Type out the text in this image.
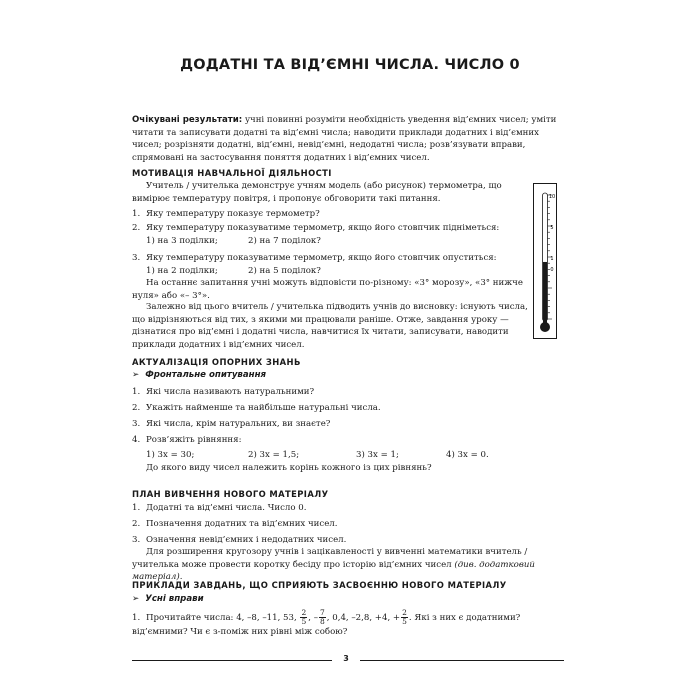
ДОДАТНІ ТА ВІД’ЄМНІ ЧИСЛА. ЧИСЛО 0
Очікувані результати: учні повинні розуміти необхідність уведення від’ємних чисел; уміти читати та записувати додатні та від’ємні числа; наводити приклади додатних і від’ємних чисел; розрізняти додатні, від’ємні, невід’ємні, недодатні числа; розв’язувати вправи, спрямовані на застосування поняття додатних і від’ємних чисел.
МОТИВАЦІЯ НАВЧАЛЬНОЇ ДІЯЛЬНОСТІ
Учитель / учителька демонструє учням модель (або рисунок) термометра, що вимірює температуру повітря, і пропонує обговорити такі питання.
1. Яку температуру показує термометр?
2. Яку температуру показуватиме термометр, якщо його стовпчик підніметься:
1) на 3 поділки;	2) на 7 поділок?
3. Яку температуру показуватиме термометр, якщо його стовпчик опуститься:
1) на 2 поділки;	2) на 5 поділок?
На останнє запитання учні можуть відповісти по-різному: «3° морозу», «3° нижче нуля» або «– 3°».
Залежно від цього вчитель / учителька підводить учнів до висновку: існують числа, що відрізняються від тих, з якими ми працювали раніше. Отже, завдання уроку — дізнатися про від’ємні і додатні числа, навчитися їх читати, записувати, наводити приклади додатних і від’ємних чисел.
10
5
1
0
АКТУАЛІЗАЦІЯ ОПОРНИХ ЗНАНЬ
➢ Фронтальне опитування
1. Які числа називають натуральними?
2. Укажіть найменше та найбільше натуральні числа.
3. Які числа, крім натуральних, ви знаєте?
4. Розв’яжіть рівняння:
1) 3x = 30;	2) 3x = 1,5;	3) 3x = 1;	4) 3x = 0.
До якого виду чисел належить корінь кожного із цих рівнянь?
ПЛАН ВИВЧЕННЯ НОВОГО МАТЕРІАЛУ
1. Додатні та від’ємні числа. Число 0.
2. Позначення додатних та від’ємних чисел.
3. Означення невід’ємних і недодатних чисел.
Для розширення кругозору учнів і зацікавленості у вивченні математики вчитель / учителька може провести коротку бесіду про історію від’ємних чисел (див. додатковий матеріал).
ПРИКЛАДИ ЗАВДАНЬ, ЩО СПРИЯЮТЬ ЗАСВОЄННЮ НОВОГО МАТЕРІАЛУ
➢ Усні вправи
1. Прочитайте числа: 4, –8, –11, 53, $\frac{2}{5}$ , – $\frac{7}{8}$ , 0,4, –2,8, +4, + $\frac{2}{5}$ . Які з них є додатними? від’ємними? Чи є з-поміж них рівні між собою?
3
